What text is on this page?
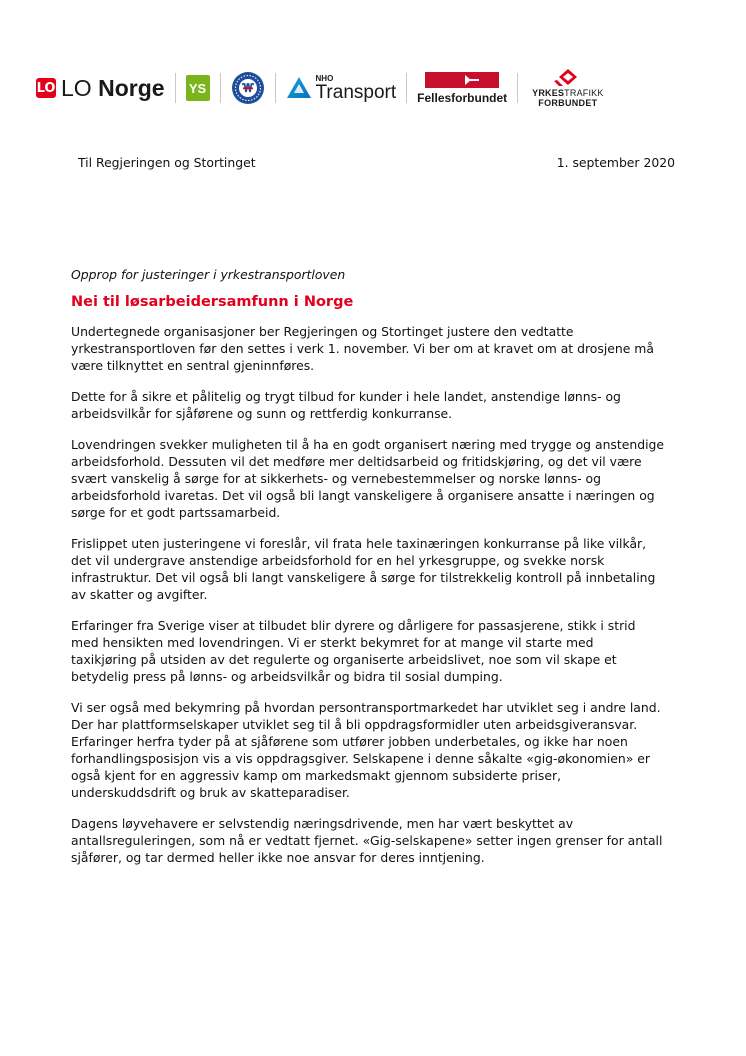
LO LO Norge YS
NHO
Transport Fellesforbundet	YRKESTRAFIKK
FORBUNDET
Til Regjeringen og Stortinget	1. september 2020

Opprop for justeringer i yrkestransportloven

Nei til løsarbeidersamfunn i Norge

Undertegnede organisasjoner ber Regjeringen og Stortinget justere den vedtatte
yrkestransportloven før den settes i verk 1. november. Vi ber om at kravet om at drosjene må
være tilknyttet en sentral gjeninnføres.

Dette for å sikre et pålitelig og trygt tilbud for kunder i hele landet, anstendige lønns- og
arbeidsvilkår for sjåførene og sunn og rettferdig konkurranse.

Lovendringen svekker muligheten til å ha en godt organisert næring med trygge og anstendige
arbeidsforhold. Dessuten vil det medføre mer deltidsarbeid og fritidskjøring, og det vil være
svært vanskelig å sørge for at sikkerhets- og vernebestemmelser og norske lønns- og
arbeidsforhold ivaretas. Det vil også bli langt vanskeligere å organisere ansatte i næringen og
sørge for et godt partssamarbeid.

Frislippet uten justeringene vi foreslår, vil frata hele taxinæringen konkurranse på like vilkår,
det vil undergrave anstendige arbeidsforhold for en hel yrkesgruppe, og svekke norsk
infrastruktur. Det vil også bli langt vanskeligere å sørge for tilstrekkelig kontroll på innbetaling
av skatter og avgifter.

Erfaringer fra Sverige viser at tilbudet blir dyrere og dårligere for passasjerene, stikk i strid
med hensikten med lovendringen. Vi er sterkt bekymret for at mange vil starte med
taxikjøring på utsiden av det regulerte og organiserte arbeidslivet, noe som vil skape et
betydelig press på lønns- og arbeidsvilkår og bidra til sosial dumping.

Vi ser også med bekymring på hvordan persontransportmarkedet har utviklet seg i andre land.
Der har plattformselskaper utviklet seg til å bli oppdragsformidler uten arbeidsgiveransvar.
Erfaringer herfra tyder på at sjåførene som utfører jobben underbetales, og ikke har noen
forhandlingsposisjon vis a vis oppdragsgiver. Selskapene i denne såkalte «gig-økonomien» er
også kjent for en aggressiv kamp om markedsmakt gjennom subsiderte priser,
underskuddsdrift og bruk av skatteparadiser.

Dagens løyvehavere er selvstendig næringsdrivende, men har vært beskyttet av
antallsreguleringen, som nå er vedtatt fjernet. «Gig-selskapene» setter ingen grenser for antall
sjåfører, og tar dermed heller ikke noe ansvar for deres inntjening.
